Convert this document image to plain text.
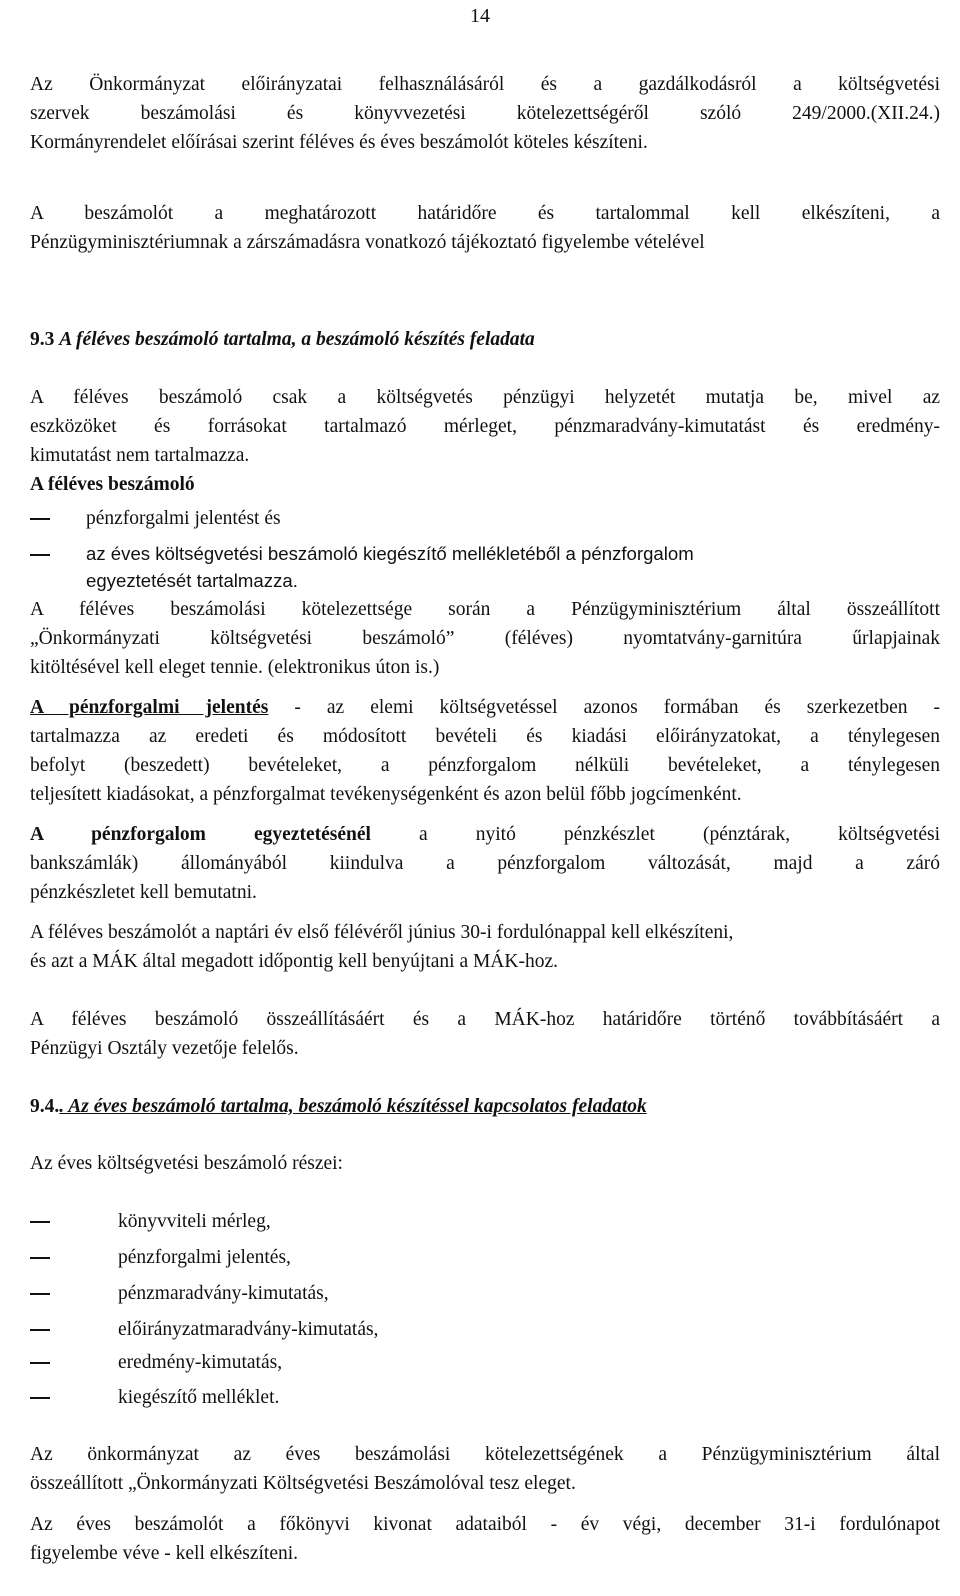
14
Az Önkormányzat előirányzatai felhasználásáról és a gazdálkodásról a költségvetési
szervek beszámolási és könyvvezetési kötelezettségéről szóló 249/2000.(XII.24.)
Kormányrendelet előírásai szerint féléves és éves beszámolót köteles készíteni.
A beszámolót a meghatározott határidőre és tartalommal kell elkészíteni, a
Pénzügyminisztériumnak a zárszámadásra vonatkozó tájékoztató figyelembe vételével
9.3 A féléves beszámoló tartalma, a beszámoló készítés feladata
A féléves beszámoló csak a költségvetés pénzügyi helyzetét mutatja be, mivel az
eszközöket és forrásokat tartalmazó mérleget, pénzmaradvány-kimutatást és eredmény-
kimutatást nem tartalmazza.
A féléves beszámoló
pénzforgalmi jelentést és
az éves költségvetési beszámoló kiegészítő mellékletéből a pénzforgalom
egyeztetését tartalmazza.
A féléves beszámolási kötelezettsége során a Pénzügyminisztérium által összeállított
„Önkormányzati költségvetési beszámoló” (féléves) nyomtatvány-garnitúra űrlapjainak
kitöltésével kell eleget tennie. (elektronikus úton is.)
A pénzforgalmi jelentés - az elemi költségvetéssel azonos formában és szerkezetben -
tartalmazza az eredeti és módosított bevételi és kiadási előirányzatokat, a ténylegesen
befolyt (beszedett) bevételeket, a pénzforgalom nélküli bevételeket, a ténylegesen
teljesített kiadásokat, a pénzforgalmat tevékenységenként és azon belül főbb jogcímenként.
A pénzforgalom egyeztetésénél a nyitó pénzkészlet (pénztárak, költségvetési
bankszámlák) állományából kiindulva a pénzforgalom változását, majd a záró
pénzkészletet kell bemutatni.
A féléves beszámolót a naptári év első félévéről június 30-i fordulónappal kell elkészíteni,
és azt a MÁK által megadott időpontig kell benyújtani a MÁK-hoz.
A féléves beszámoló összeállításáért és a MÁK-hoz határidőre történő továbbításáért a
Pénzügyi Osztály vezetője felelős.
9.4.. Az éves beszámoló tartalma, beszámoló készítéssel kapcsolatos feladatok
Az éves költségvetési beszámoló részei:
könyvviteli mérleg,
pénzforgalmi jelentés,
pénzmaradvány-kimutatás,
előirányzatmaradvány-kimutatás,
eredmény-kimutatás,
kiegészítő melléklet.
Az önkormányzat az éves beszámolási kötelezettségének a Pénzügyminisztérium által
összeállított „Önkormányzati Költségvetési Beszámolóval tesz eleget.
Az éves beszámolót a főkönyvi kivonat adataiból - év végi, december 31-i fordulónapot
figyelembe véve - kell elkészíteni.
